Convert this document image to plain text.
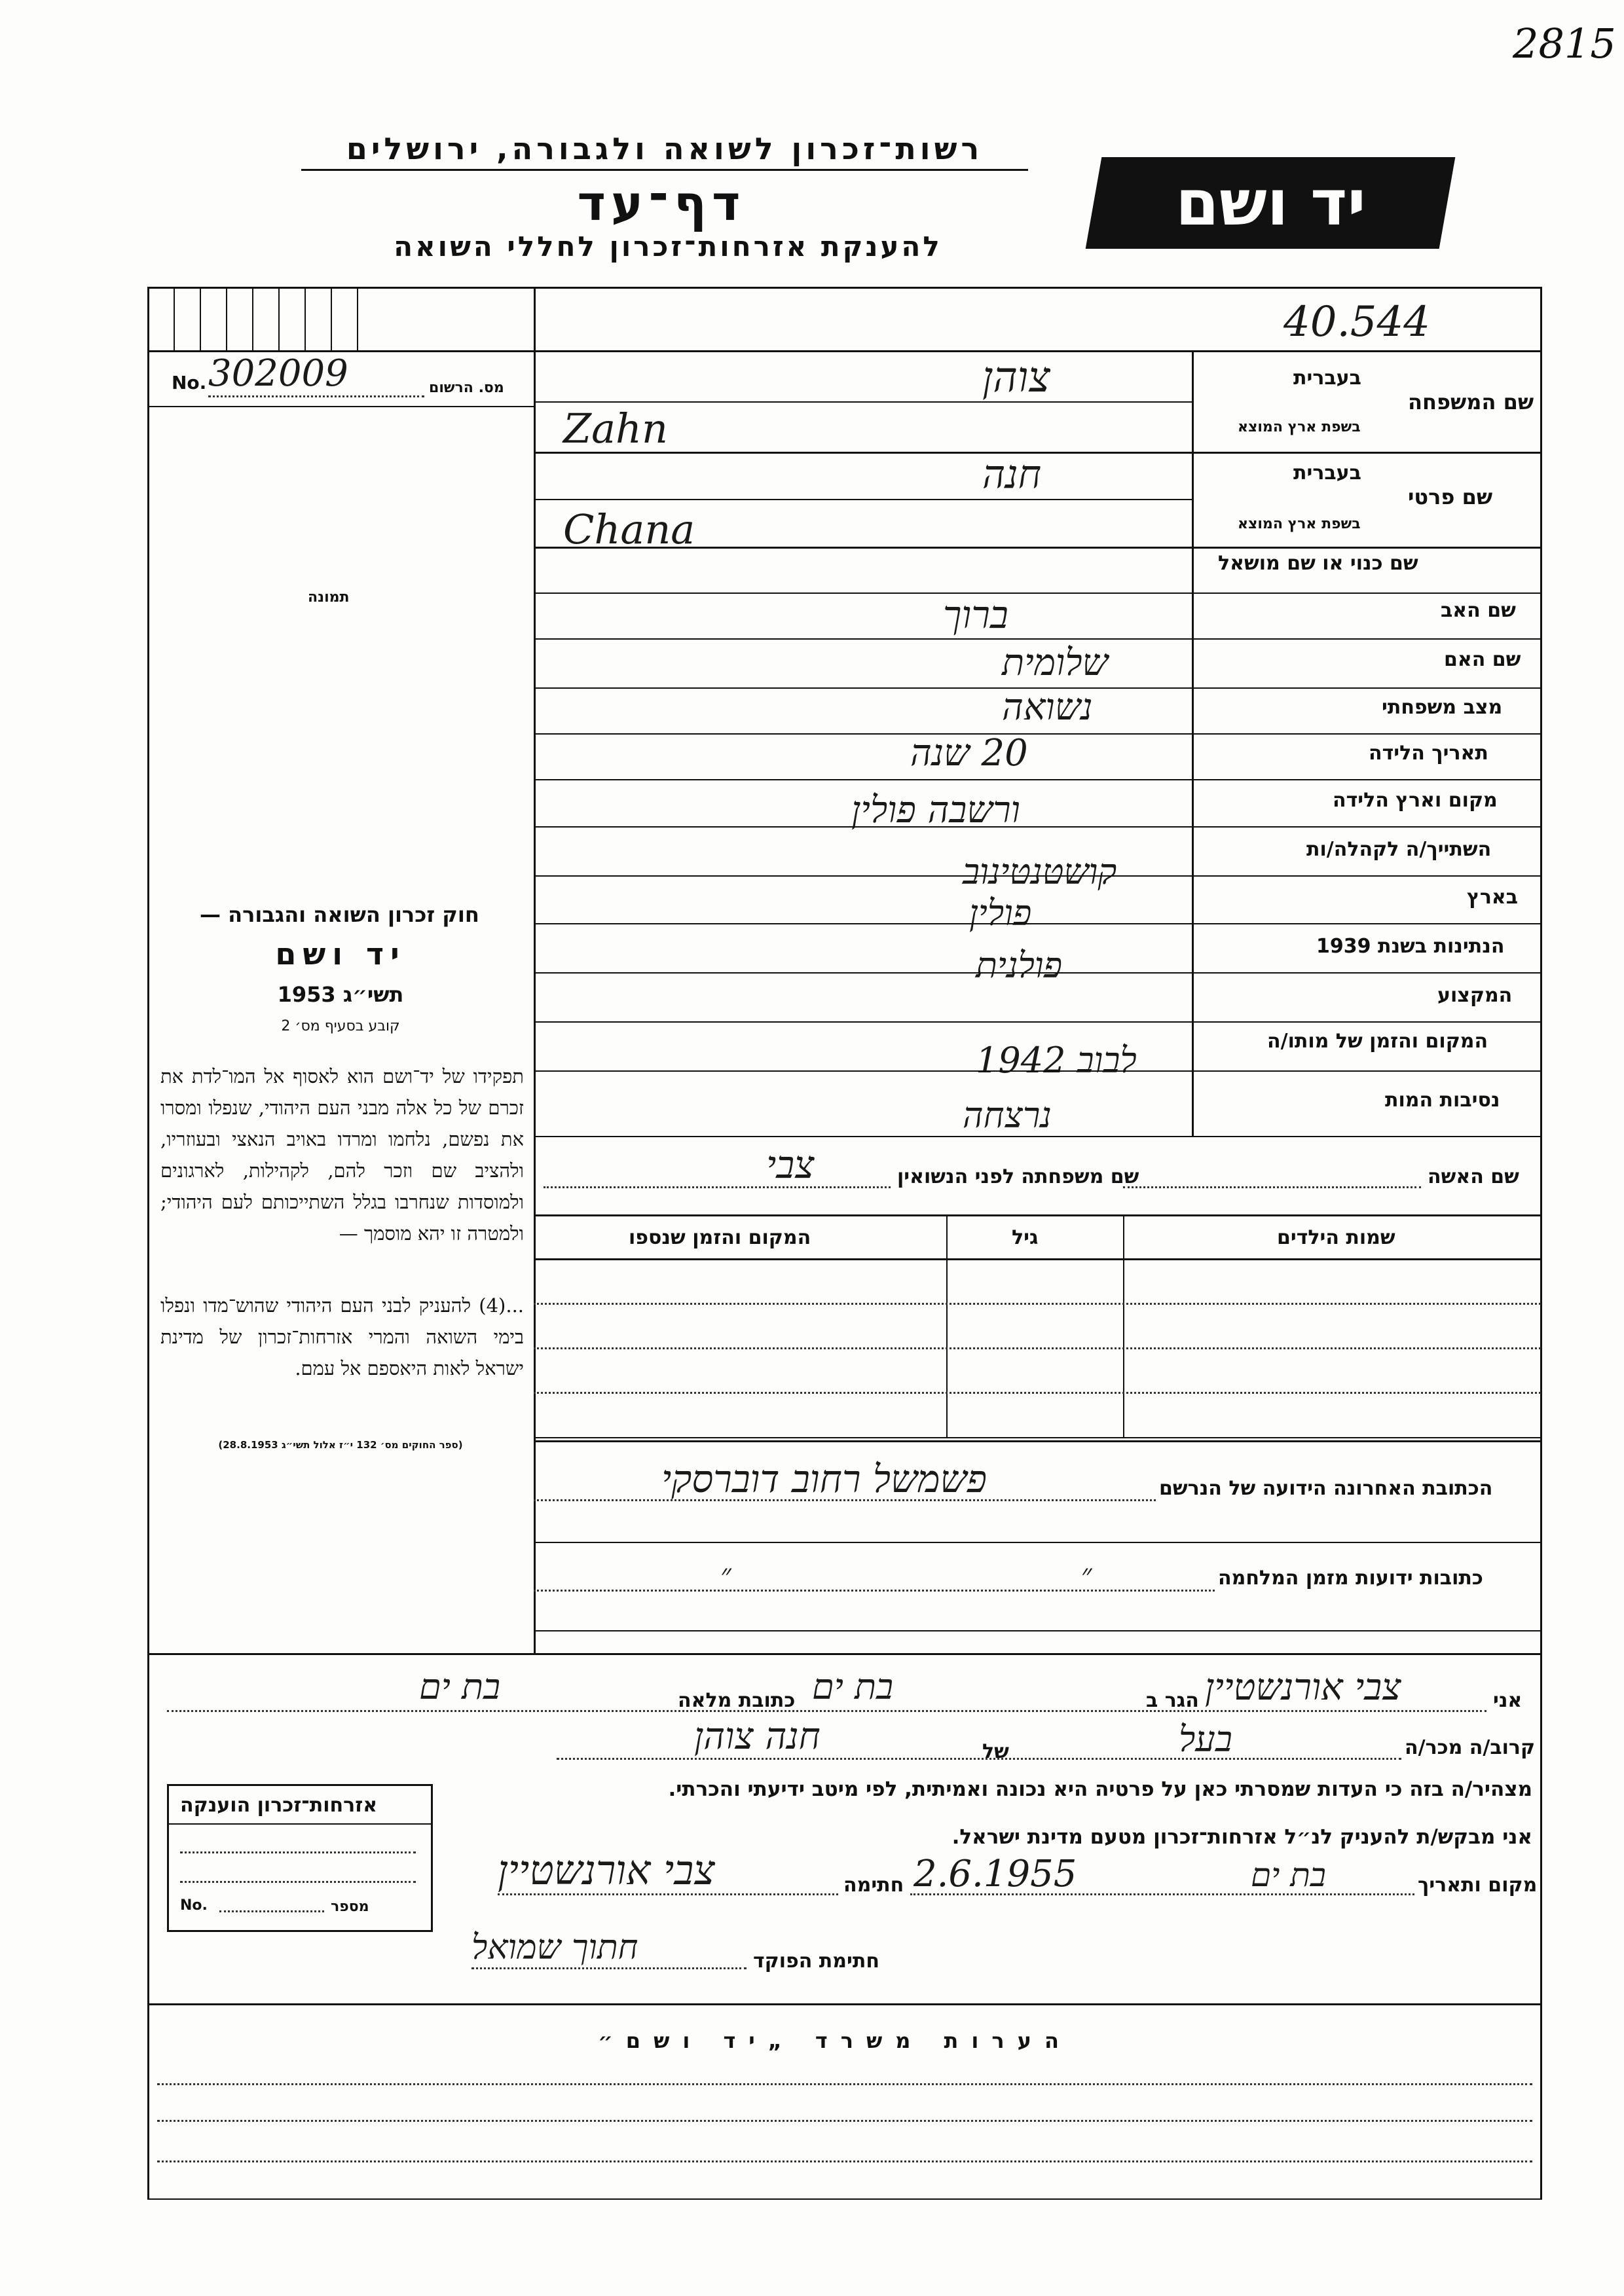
2815
רשות־זכרון לשואה ולגבורה, ירושלים
דף־עד
להענקת אזרחות־זכרון לחללי השואה
יד ושם
40.544
No. 302009	מס. הרשום
תמונה
בעברית
בשפת ארץ המוצא
שם המשפחה
צוהן
Zahn
בעברית
בשפת ארץ המוצא
שם פרטי
חנה
Chana
שם כנוי או שם מושאל
שם האב
ברוך
שם האם
שלומית
מצב משפחתי
נשואה
תאריך הלידה
20 שנה
מקום וארץ הלידה
ורשבה פולין
השתייך/ה לקהלה/ות
קושטנטינוב
בארץ
פולין
הנתינות בשנת 1939
פולנית
המקצוע
המקום והזמן של מותו/ה
לבוב 1942
נסיבות המות
נרצחה
שם האשה
שם משפחתה לפני הנשואין
צבי
שמות הילדים
גיל
המקום והזמן שנספו
חוק זכרון השואה והגבורה —
יד ושם
תשי״ג 1953
קובע בסעיף מס׳ 2
תפקידו של יד־ושם הוא לאסוף אל המו־לדת את זכרם של כל אלה מבני העם היהודי, שנפלו ומסרו את נפשם, נלחמו ומרדו באויב הנאצי ובעוזריו, ולהציב שם וזכר להם, לקהילות, לארגונים ולמוסדות שנחרבו בגלל השתייכותם לעם היהודי; ולמטרה זו יהא מוסמך —
...(4) להעניק לבני העם היהודי שהוש־מדו ונפלו בימי השואה והמרי אזרחות־זכרון של מדינת ישראל לאות היאספם אל עמם.
(ספר החוקים מס׳ 132 י״ז אלול תשי״ג 28.8.1953)
הכתובת האחרונה הידועה של הנרשם
פשמשל רחוב דוברסקי
כתובות ידועות מזמן המלחמה
״ ״
אני
צבי אורנשטיין
הגר ב
בת ים
כתובת מלאה
בת ים
קרוב/ה מכר/ה
בעל
של
חנה צוהן
מצהיר/ה בזה כי העדות שמסרתי כאן על פרטיה היא נכונה ואמיתית, לפי מיטב ידיעתי והכרתי.
אני מבקש/ת להעניק לנ״ל אזרחות־זכרון מטעם מדינת ישראל.
מקום ותאריך
בת ים
2.6.1955
חתימה
צבי אורנשטיין
חתימת הפוקד
חתוך שמואל
אזרחות־זכרון הוענקה
No.	מספר
הערות משרד „יד ושם״
